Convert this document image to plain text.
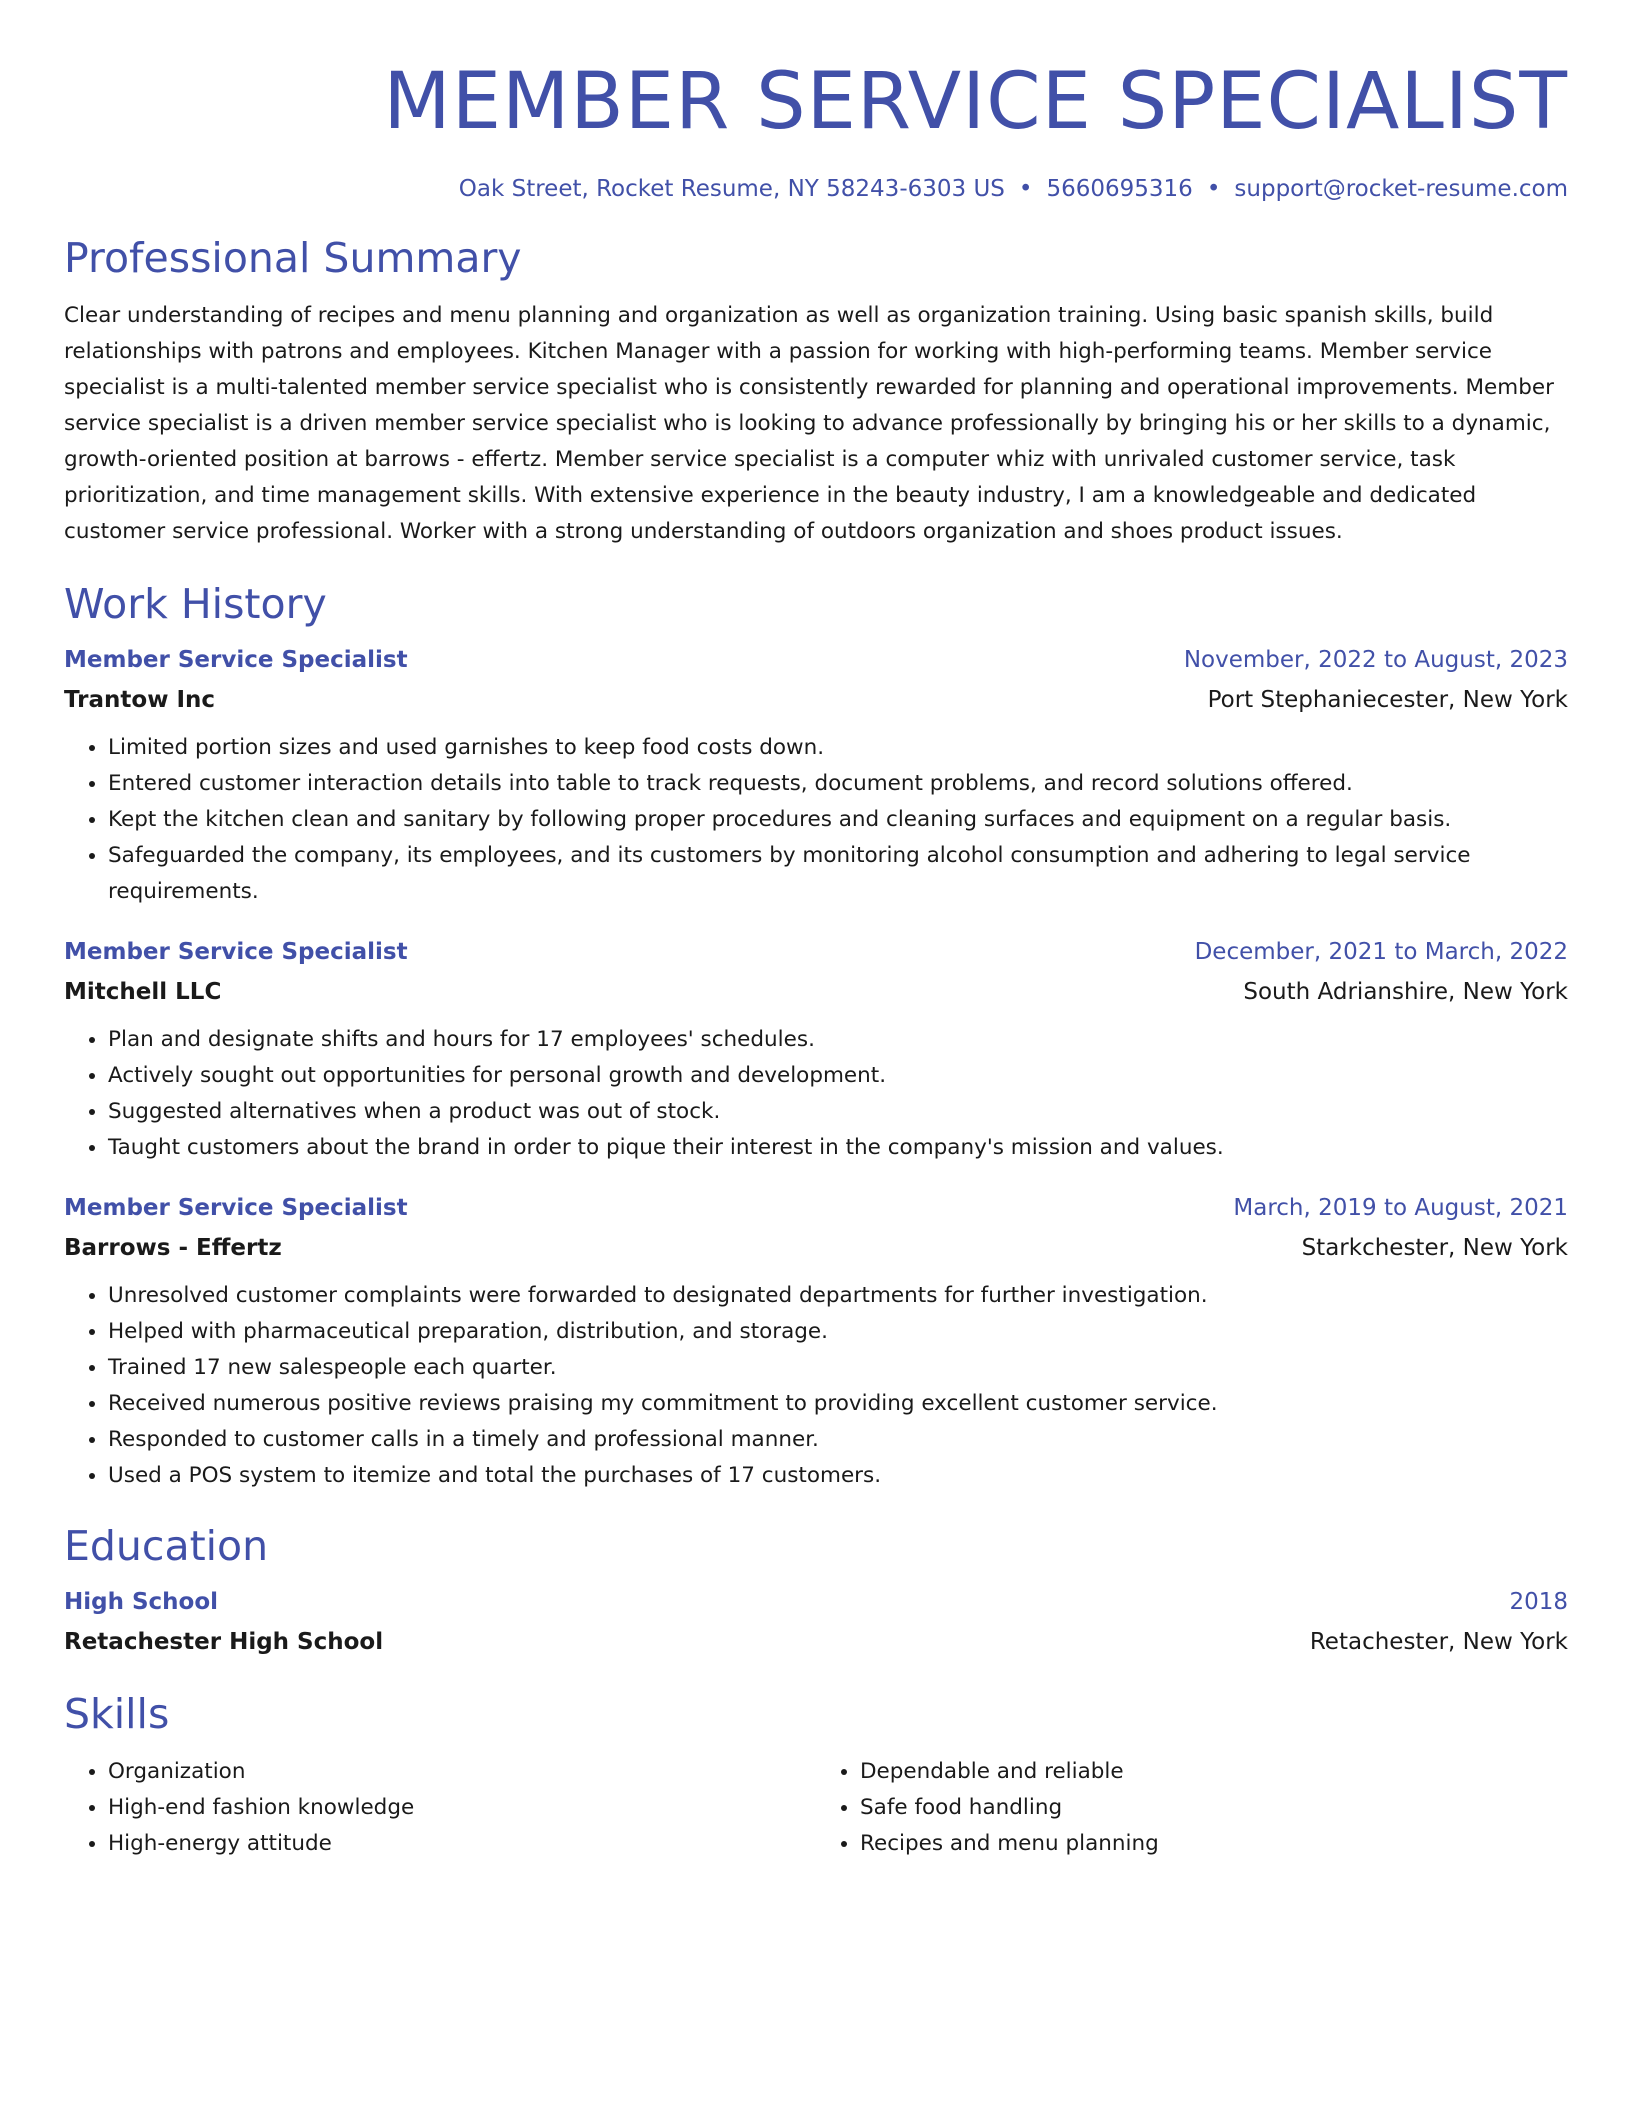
MEMBER SERVICE SPECIALIST
Oak Street, Rocket Resume, NY 58243-6303 US • 5660695316 • support@rocket-resume.com
Professional Summary
Clear understanding of recipes and menu planning and organization as well as organization training. Using basic spanish skills, build relationships with patrons and employees. Kitchen Manager with a passion for working with high-performing teams. Member service specialist is a multi-talented member service specialist who is consistently rewarded for planning and operational improvements. Member service specialist is a driven member service specialist who is looking to advance professionally by bringing his or her skills to a dynamic, growth-oriented position at barrows - effertz. Member service specialist is a computer whiz with unrivaled customer service, task prioritization, and time management skills. With extensive experience in the beauty industry, I am a knowledgeable and dedicated customer service professional. Worker with a strong understanding of outdoors organization and shoes product issues.
Work History
Member Service Specialist	November, 2022 to August, 2023
Trantow Inc	Port Stephaniecester, New York
• Limited portion sizes and used garnishes to keep food costs down.
• Entered customer interaction details into table to track requests, document problems, and record solutions offered.
• Kept the kitchen clean and sanitary by following proper procedures and cleaning surfaces and equipment on a regular basis.
• Safeguarded the company, its employees, and its customers by monitoring alcohol consumption and adhering to legal service requirements.
Member Service Specialist	December, 2021 to March, 2022
Mitchell LLC	South Adrianshire, New York
• Plan and designate shifts and hours for 17 employees' schedules.
• Actively sought out opportunities for personal growth and development.
• Suggested alternatives when a product was out of stock.
• Taught customers about the brand in order to pique their interest in the company's mission and values.
Member Service Specialist	March, 2019 to August, 2021
Barrows - Effertz	Starkchester, New York
• Unresolved customer complaints were forwarded to designated departments for further investigation.
• Helped with pharmaceutical preparation, distribution, and storage.
• Trained 17 new salespeople each quarter.
• Received numerous positive reviews praising my commitment to providing excellent customer service.
• Responded to customer calls in a timely and professional manner.
• Used a POS system to itemize and total the purchases of 17 customers.
Education
High School	2018
Retachester High School	Retachester, New York
Skills
• Organization
• High-end fashion knowledge
• High-energy attitude
• Dependable and reliable
• Safe food handling
• Recipes and menu planning
